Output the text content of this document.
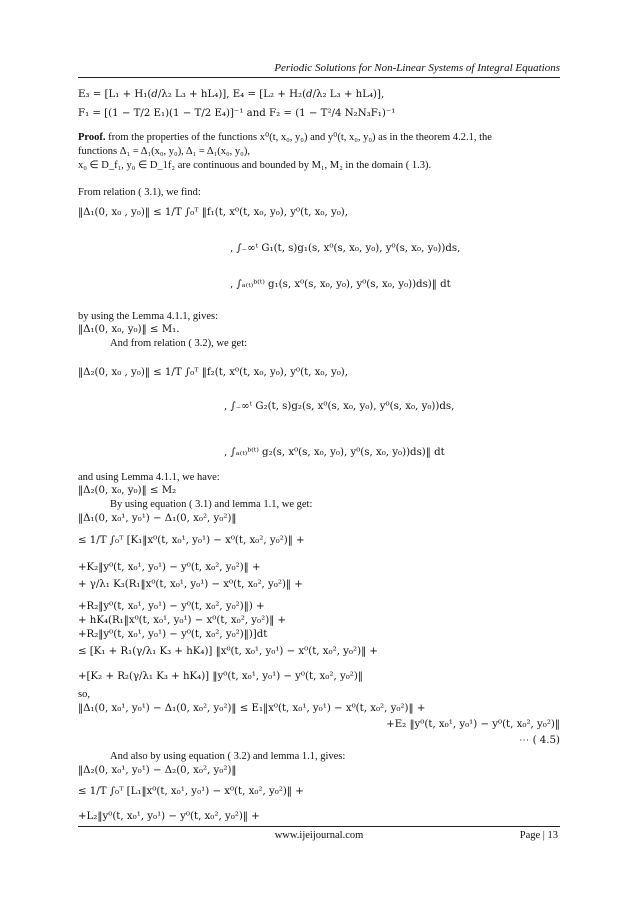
Periodic Solutions for Non-Linear Systems of Integral Equations
E₃ = [L₁ + H₁(𝑑/λ₂ L₃ + hL₄)], E₄ = [L₂ + H₂(𝑑/λ₂ L₃ + hL₄)],
F₁ = [(1 − T/2 E₁)(1 − T/2 E₄)]⁻¹ and F₂ = (1 − T²/4 N₂N₃F₁)⁻¹
Proof. from the properties of the functions x⁰(t, x₀, y₀) and y⁰(t, x₀, y₀) as in the theorem 4.2.1, the
functions Δ₁ = Δ₁(x₀, y₀), Δ₁ = Δ₁(x₀, y₀),
x₀ ∈ D_f₁, y₀ ∈ D_1f₂ are continuous and bounded by M₁, M₂ in the domain ( 1.3).
From relation ( 3.1), we find:
‖Δ₁(0, x₀ , y₀)‖ ≤ 1/T ∫₀ᵀ ‖f₁(t, x⁰(t, x₀, y₀), y⁰(t, x₀, y₀),
, ∫₋∞ᵗ G₁(t, s)g₁(s, x⁰(s, x₀, y₀), y⁰(s, x₀, y₀))ds,
, ∫ₐ₍ₜ₎ᵇ⁽ᵗ⁾ g₁(s, x⁰(s, x₀, y₀), y⁰(s, x₀, y₀))ds)‖ dt
by using the Lemma 4.1.1, gives:
‖Δ₁(0, x₀, y₀)‖ ≤ M₁.
And from relation ( 3.2), we get:
‖Δ₂(0, x₀ , y₀)‖ ≤ 1/T ∫₀ᵀ ‖f₂(t, x⁰(t, x₀, y₀), y⁰(t, x₀, y₀),
, ∫₋∞ᵗ G₂(t, s)g₂(s, x⁰(s, x₀, y₀), y⁰(s, x₀, y₀))ds,
, ∫ₐ₍ₜ₎ᵇ⁽ᵗ⁾ g₂(s, x⁰(s, x₀, y₀), y⁰(s, x₀, y₀))ds)‖ dt
and using Lemma 4.1.1, we have:
‖Δ₂(0, x₀, y₀)‖ ≤ M₂
By using equation ( 3.1) and lemma 1.1, we get:
‖Δ₁(0, x₀¹, y₀¹) − Δ₁(0, x₀², y₀²)‖
≤ 1/T ∫₀ᵀ [K₁‖x⁰(t, x₀¹, y₀¹) − x⁰(t, x₀², y₀²)‖ +
+K₂‖y⁰(t, x₀¹, y₀¹) − y⁰(t, x₀², y₀²)‖ +
+ γ/λ₁ K₃(R₁‖x⁰(t, x₀¹, y₀¹) − x⁰(t, x₀², y₀²)‖ +
+R₂‖y⁰(t, x₀¹, y₀¹) − y⁰(t, x₀², y₀²)‖) +
+ hK₄(R₁‖x⁰(t, x₀¹, y₀¹) − x⁰(t, x₀², y₀²)‖ +
+R₂‖y⁰(t, x₀¹, y₀¹) − y⁰(t, x₀², y₀²)‖)]dt
≤ [K₁ + R₁(γ/λ₁ K₃ + hK₄)] ‖x⁰(t, x₀¹, y₀¹) − x⁰(t, x₀², y₀²)‖ +
+[K₂ + R₂(γ/λ₁ K₃ + hK₄)] ‖y⁰(t, x₀¹, y₀¹) − y⁰(t, x₀², y₀²)‖
so,
‖Δ₁(0, x₀¹, y₀¹) − Δ₁(0, x₀², y₀²)‖ ≤ E₁‖x⁰(t, x₀¹, y₀¹) − x⁰(t, x₀², y₀²)‖ +
+E₂ ‖y⁰(t, x₀¹, y₀¹) − y⁰(t, x₀², y₀²)‖
⋯ ( 4.5)
And also by using equation ( 3.2) and lemma 1.1, gives:
‖Δ₂(0, x₀¹, y₀¹) − Δ₂(0, x₀², y₀²)‖
≤ 1/T ∫₀ᵀ [L₁‖x⁰(t, x₀¹, y₀¹) − x⁰(t, x₀², y₀²)‖ +
+L₂‖y⁰(t, x₀¹, y₀¹) − y⁰(t, x₀², y₀²)‖ +
www.ijeijournal.com	Page | 13
